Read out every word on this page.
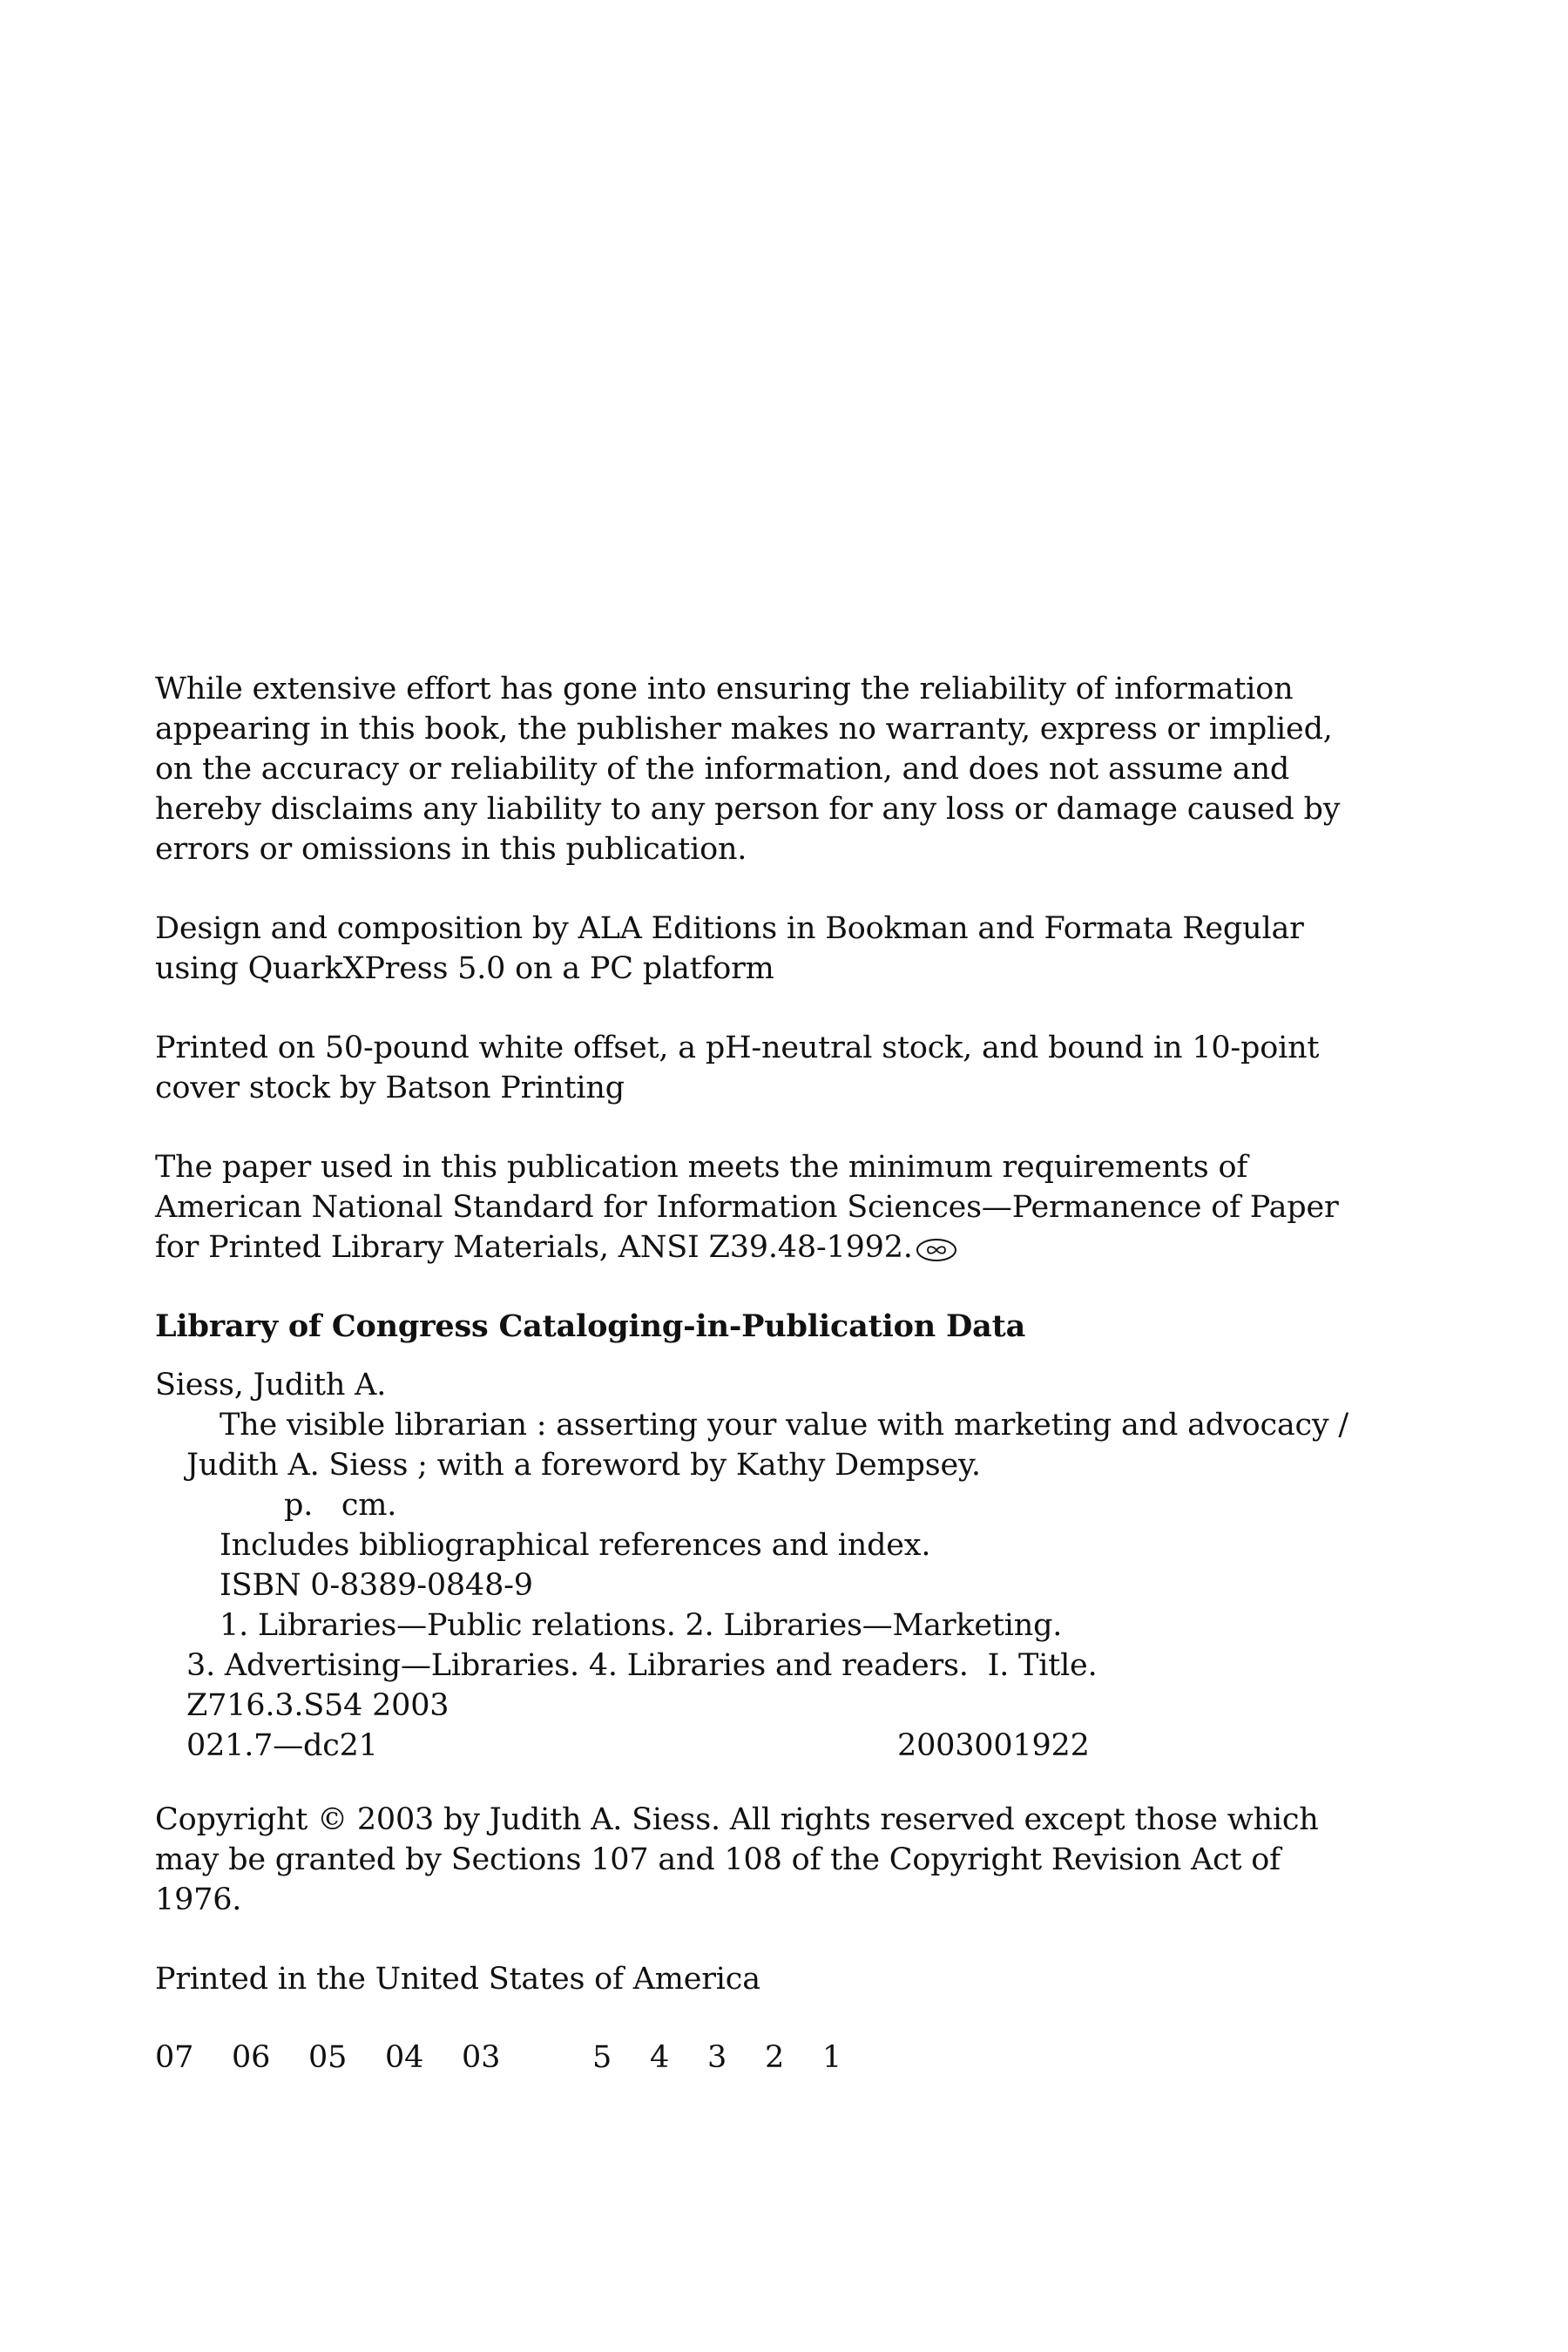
While extensive effort has gone into ensuring the reliability of information
appearing in this book, the publisher makes no warranty, express or implied,
on the accuracy or reliability of the information, and does not assume and
hereby disclaims any liability to any person for any loss or damage caused by
errors or omissions in this publication.
Design and composition by ALA Editions in Bookman and Formata Regular
using QuarkXPress 5.0 on a PC platform
Printed on 50-pound white offset, a pH-neutral stock, and bound in 10-point
cover stock by Batson Printing
The paper used in this publication meets the minimum requirements of
American National Standard for Information Sciences—Permanence of Paper
for Printed Library Materials, ANSI Z39.48-1992.
Library of Congress Cataloging-in-Publication Data
Siess, Judith A.
The visible librarian : asserting your value with marketing and advocacy /
Judith A. Siess ; with a foreword by Kathy Dempsey.
p.   cm.
Includes bibliographical references and index.
ISBN 0-8389-0848-9
1. Libraries—Public relations. 2. Libraries—Marketing.
3. Advertising—Libraries. 4. Libraries and readers.  I. Title.
Z716.3.S54 2003
021.7—dc21	2003001922
Copyright © 2003 by Judith A. Siess. All rights reserved except those which
may be granted by Sections 107 and 108 of the Copyright Revision Act of
1976.
Printed in the United States of America
07 06 05 04 03	5 4 3 2 1
